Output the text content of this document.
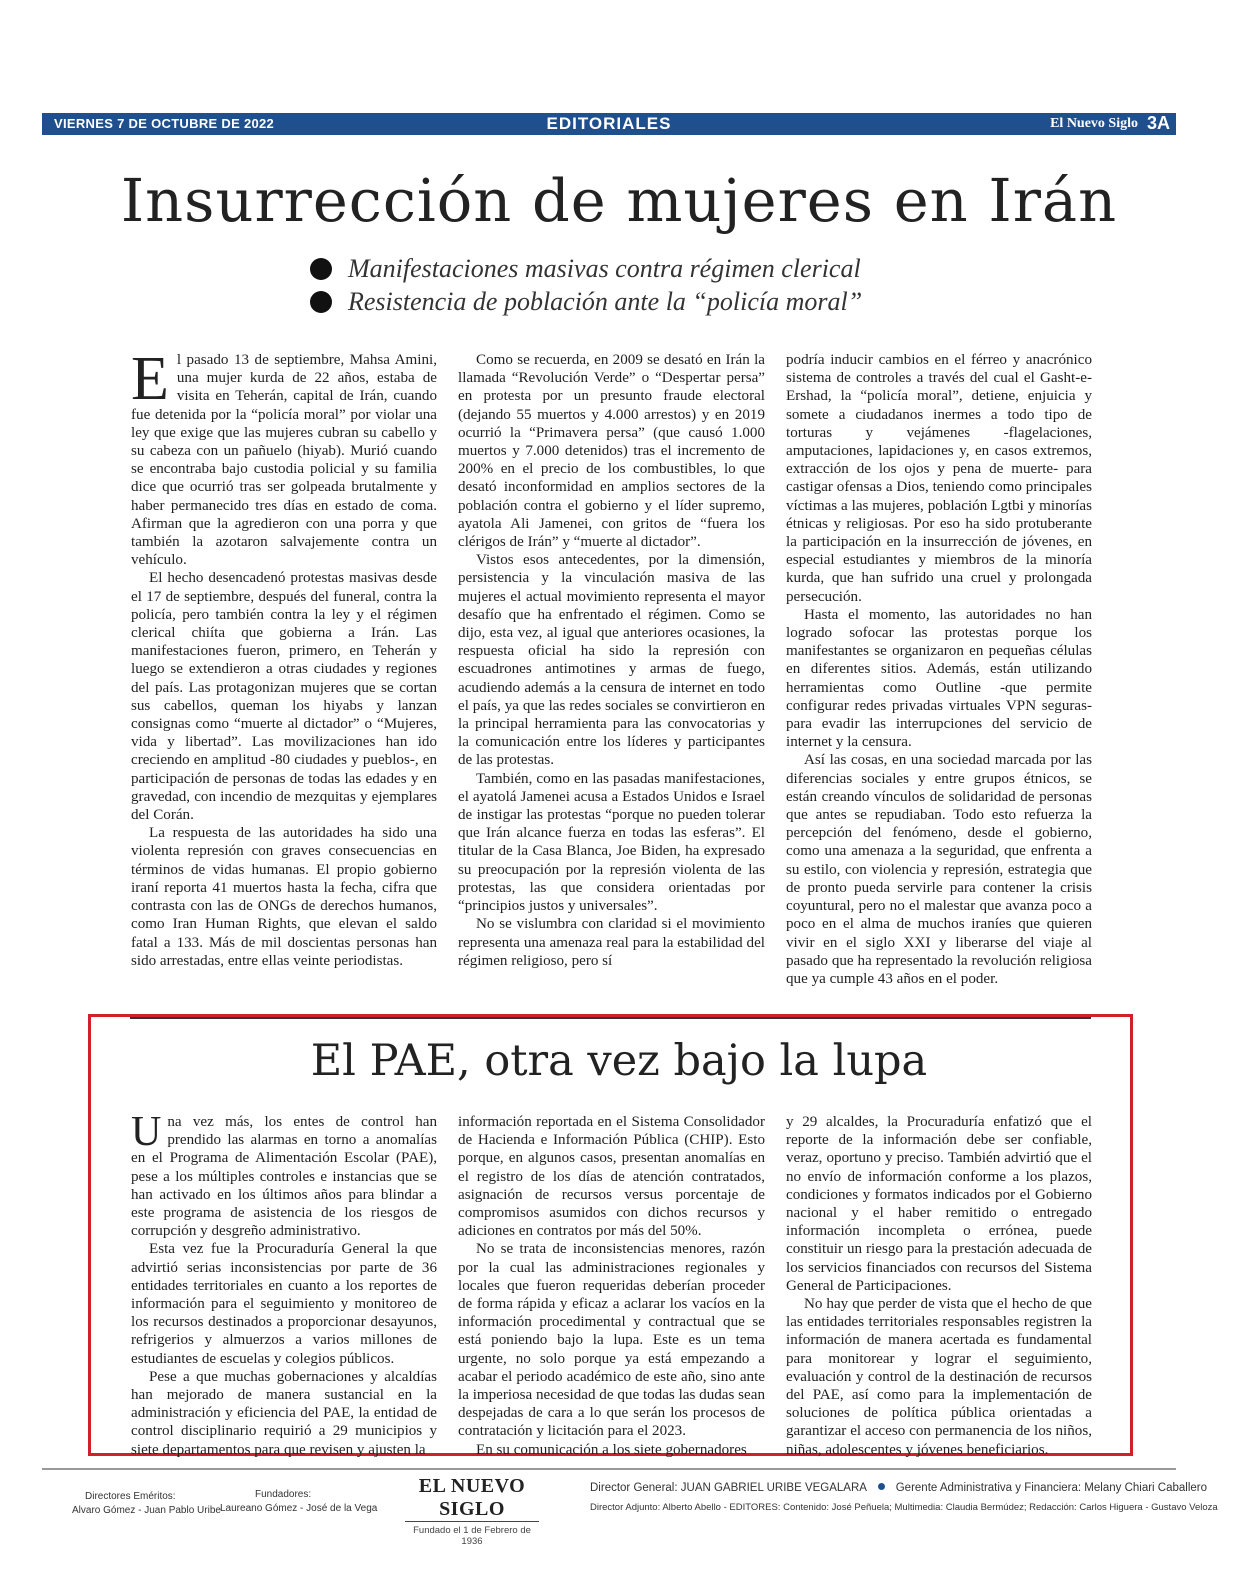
VIERNES 7 DE OCTUBRE DE 2022	EDITORIALES	El Nuevo Siglo 3A
Insurrección de mujeres en Irán
Manifestaciones masivas contra régimen clerical
Resistencia de población ante la “policía moral”

El pasado 13 de septiembre, Mahsa Amini, una mujer kurda de 22 años, estaba de visita en Teherán, capital de Irán, cuando fue detenida por la “policía moral” por violar una ley que exige que las mujeres cubran su cabello y su cabeza con un pañuelo (hiyab). Murió cuando se encontraba bajo custodia policial y su familia dice que ocurrió tras ser golpeada brutalmente y haber permanecido tres días en estado de coma. Afirman que la agredieron con una porra y que también la azotaron salvajemente contra un vehículo.

El hecho desencadenó protestas masivas desde el 17 de septiembre, después del funeral, contra la policía, pero también contra la ley y el régimen clerical chiíta que gobierna a Irán. Las manifestaciones fueron, primero, en Teherán y luego se extendieron a otras ciudades y regiones del país. Las protagonizan mujeres que se cortan sus cabellos, queman los hiyabs y lanzan consignas como “muerte al dictador” o “Mujeres, vida y libertad”. Las movilizaciones han ido creciendo en amplitud -80 ciudades y pueblos-, en participación de personas de todas las edades y en gravedad, con incendio de mezquitas y ejemplares del Corán.

La respuesta de las autoridades ha sido una violenta represión con graves consecuencias en términos de vidas humanas. El propio gobierno iraní reporta 41 muertos hasta la fecha, cifra que contrasta con las de ONGs de derechos humanos, como Iran Human Rights, que elevan el saldo fatal a 133. Más de mil doscientas personas han sido arrestadas, entre ellas veinte periodistas.

Como se recuerda, en 2009 se desató en Irán la llamada “Revolución Verde” o “Despertar persa” en protesta por un presunto fraude electoral (dejando 55 muertos y 4.000 arrestos) y en 2019 ocurrió la “Primavera persa” (que causó 1.000 muertos y 7.000 detenidos) tras el incremento de 200% en el precio de los combustibles, lo que desató inconformidad en amplios sectores de la población contra el gobierno y el líder supremo, ayatola Ali Jamenei, con gritos de “fuera los clérigos de Irán” y “muerte al dictador”.

Vistos esos antecedentes, por la dimensión, persistencia y la vinculación masiva de las mujeres el actual movimiento representa el mayor desafío que ha enfrentado el régimen. Como se dijo, esta vez, al igual que anteriores ocasiones, la respuesta oficial ha sido la represión con escuadrones antimotines y armas de fuego, acudiendo además a la censura de internet en todo el país, ya que las redes sociales se convirtieron en la principal herramienta para las convocatorias y la comunicación entre los líderes y participantes de las protestas.

También, como en las pasadas manifestaciones, el ayatolá Jamenei acusa a Estados Unidos e Israel de instigar las protestas “porque no pueden tolerar que Irán alcance fuerza en todas las esferas”. El titular de la Casa Blanca, Joe Biden, ha expresado su preocupación por la represión violenta de las protestas, las que considera orientadas por “principios justos y universales”.

No se vislumbra con claridad si el movimiento representa una amenaza real para la estabilidad del régimen religioso, pero sí

podría inducir cambios en el férreo y anacrónico sistema de controles a través del cual el Gasht-e-Ershad, la “policía moral”, detiene, enjuicia y somete a ciudadanos inermes a todo tipo de torturas y vejámenes -flagelaciones, amputaciones, lapidaciones y, en casos extremos, extracción de los ojos y pena de muerte- para castigar ofensas a Dios, teniendo como principales víctimas a las mujeres, población Lgtbi y minorías étnicas y religiosas. Por eso ha sido protuberante la participación en la insurrección de jóvenes, en especial estudiantes y miembros de la minoría kurda, que han sufrido una cruel y prolongada persecución.

Hasta el momento, las autoridades no han logrado sofocar las protestas porque los manifestantes se organizaron en pequeñas células en diferentes sitios. Además, están utilizando herramientas como Outline -que permite configurar redes privadas virtuales VPN seguras- para evadir las interrupciones del servicio de internet y la censura.

Así las cosas, en una sociedad marcada por las diferencias sociales y entre grupos étnicos, se están creando vínculos de solidaridad de personas que antes se repudiaban. Todo esto refuerza la percepción del fenómeno, desde el gobierno, como una amenaza a la seguridad, que enfrenta a su estilo, con violencia y represión, estrategia que de pronto pueda servirle para contener la crisis coyuntural, pero no el malestar que avanza poco a poco en el alma de muchos iraníes que quieren vivir en el siglo XXI y liberarse del viaje al pasado que ha representado la revolución religiosa que ya cumple 43 años en el poder.

El PAE, otra vez bajo la lupa

Una vez más, los entes de control han prendido las alarmas en torno a anomalías en el Programa de Alimentación Escolar (PAE), pese a los múltiples controles e instancias que se han activado en los últimos años para blindar a este programa de asistencia de los riesgos de corrupción y desgreño administrativo.

Esta vez fue la Procuraduría General la que advirtió serias inconsistencias por parte de 36 entidades territoriales en cuanto a los reportes de información para el seguimiento y monitoreo de los recursos destinados a proporcionar desayunos, refrigerios y almuerzos a varios millones de estudiantes de escuelas y colegios públicos.

Pese a que muchas gobernaciones y alcaldías han mejorado de manera sustancial en la administración y eficiencia del PAE, la entidad de control disciplinario requirió a 29 municipios y siete departamentos para que revisen y ajusten la

información reportada en el Sistema Consolidador de Hacienda e Información Pública (CHIP). Esto porque, en algunos casos, presentan anomalías en el registro de los días de atención contratados, asignación de recursos versus porcentaje de compromisos asumidos con dichos recursos y adiciones en contratos por más del 50%.

No se trata de inconsistencias menores, razón por la cual las administraciones regionales y locales que fueron requeridas deberían proceder de forma rápida y eficaz a aclarar los vacíos en la información procedimental y contractual que se está poniendo bajo la lupa. Este es un tema urgente, no solo porque ya está empezando a acabar el periodo académico de este año, sino ante la imperiosa necesidad de que todas las dudas sean despejadas de cara a lo que serán los procesos de contratación y licitación para el 2023.

En su comunicación a los siete gobernadores

y 29 alcaldes, la Procuraduría enfatizó que el reporte de la información debe ser confiable, veraz, oportuno y preciso. También advirtió que el no envío de información conforme a los plazos, condiciones y formatos indicados por el Gobierno nacional y el haber remitido o entregado información incompleta o errónea, puede constituir un riesgo para la prestación adecuada de los servicios financiados con recursos del Sistema General de Participaciones.

No hay que perder de vista que el hecho de que las entidades territoriales responsables registren la información de manera acertada es fundamental para monitorear y lograr el seguimiento, evaluación y control de la destinación de recursos del PAE, así como para la implementación de soluciones de política pública orientadas a garantizar el acceso con permanencia de los niños, niñas, adolescentes y jóvenes beneficiarios.

Directores Eméritos:
Alvaro Gómez - Juan Pablo Uribe
Fundadores:
Laureano Gómez - José de la Vega
EL NUEVO SIGLO
Fundado el 1 de Febrero de 1936
Director General: JUAN GABRIEL URIBE VEGALARA	Gerente Administrativa y Financiera: Melany Chiari Caballero
Director Adjunto: Alberto Abello - EDITORES: Contenido: José Peñuela; Multimedia: Claudia Bermúdez; Redacción: Carlos Higuera - Gustavo Veloza
